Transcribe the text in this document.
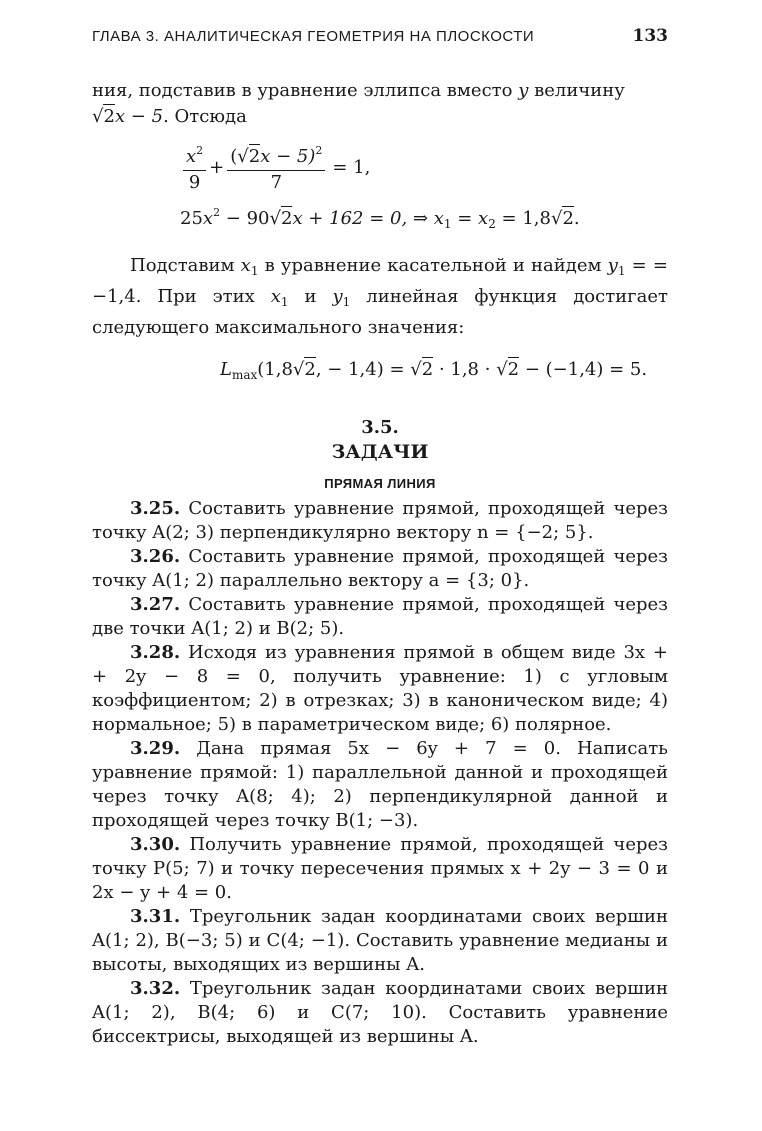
ГЛАВА 3. АНАЛИТИЧЕСКАЯ ГЕОМЕТРИЯ НА ПЛОСКОСТИ	133

ния, подставив в уравнение эллипса вместо y величину
√2x − 5. Отсюда

$\frac{x^2}{9} + \frac{(√2x - 5)^2}{7} = 1$,
$25x^2 - 90√2x + 162 = 0$, ⇒ $x_1 = x_2 = 1,8√2$.

Подставим $x_1$ в уравнение касательной и найдем $y_1$ = = −1,4. При этих $x_1$ и $y_1$ линейная функция достигает следующего максимального значения:

$L_{max}(1,8√2$, − 1,4) = √2 · 1,8 · √2 − (−1,4) = 5.
3.5.
ЗАДАЧИ
ПРЯМАЯ ЛИНИЯ

3.25. Составить уравнение прямой, проходящей через точку A(2; 3) перпендикулярно вектору n = {−2; 5}.

3.26. Составить уравнение прямой, проходящей через точку A(1; 2) параллельно вектору a = {3; 0}.

3.27. Составить уравнение прямой, проходящей через две точки A(1; 2) и B(2; 5).

3.28. Исходя из уравнения прямой в общем виде 3x + + 2y − 8 = 0, получить уравнение: 1) с угловым коэффициентом; 2) в отрезках; 3) в каноническом виде; 4) нормальное; 5) в параметрическом виде; 6) полярное.

3.29. Дана прямая 5x − 6y + 7 = 0. Написать уравнение прямой: 1) параллельной данной и проходящей через точку A(8; 4); 2) перпендикулярной данной и проходящей через точку B(1; −3).

3.30. Получить уравнение прямой, проходящей через точку P(5; 7) и точку пересечения прямых x + 2y − 3 = 0 и 2x − y + 4 = 0.

3.31. Треугольник задан координатами своих вершин A(1; 2), B(−3; 5) и C(4; −1). Составить уравнение медианы и высоты, выходящих из вершины A.

3.32. Треугольник задан координатами своих вершин A(1; 2), B(4; 6) и C(7; 10). Составить уравнение биссектрисы, выходящей из вершины A.
